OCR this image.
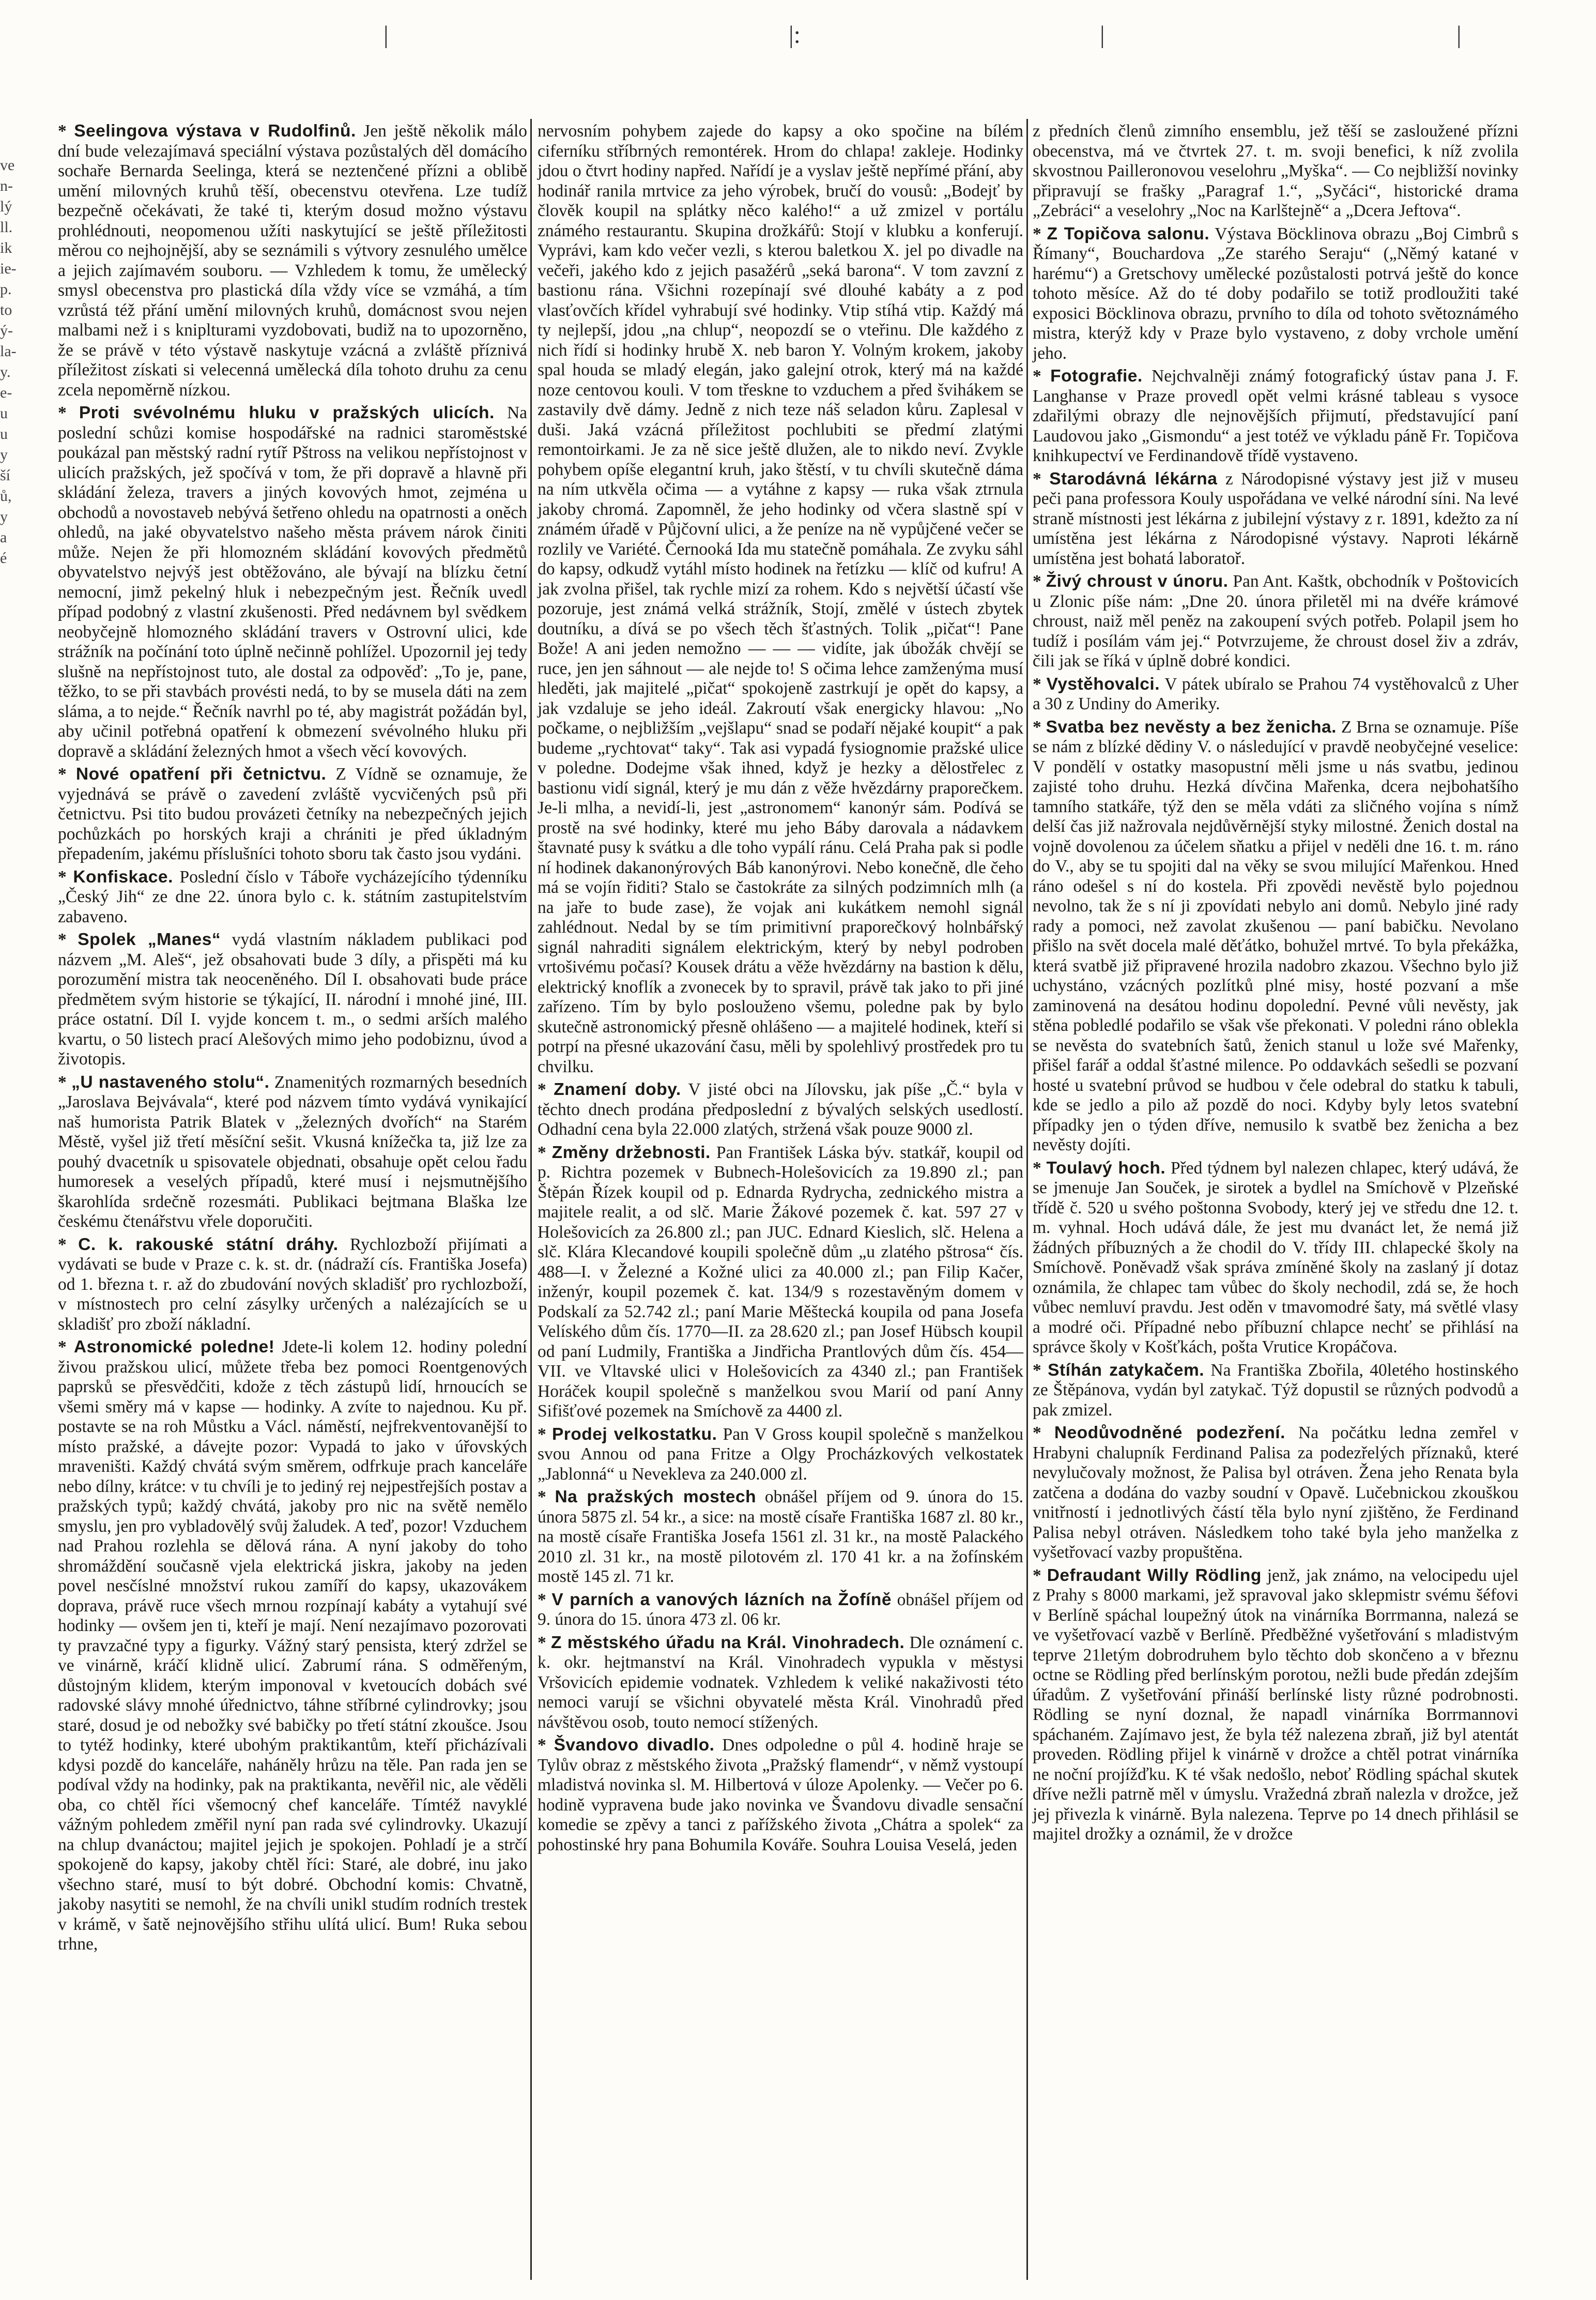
ve
n-
lý
ll.
ik
ie-
p.
to
ý-
la-
y.
e-
u
u
y
ší
ů,
y
a
é
|	|:	|	|

* Seelingova výstava v Rudolfinů. Jen ještě několik málo dní bude velezajímavá speciální výstava pozůstalých děl domácího sochaře Bernarda Seelinga, která se neztenčené přízni a oblibě umění milovných kruhů těší, obecenstvu otevřena. Lze tudíž bezpečně očekávati, že také ti, kterým dosud možno výstavu prohlédnouti, neopomenou užíti naskytující se ještě příležitosti měrou co nejhojnější, aby se seznámili s výtvory zesnulého umělce a jejich zajímavém souboru. — Vzhledem k tomu, že umělecký smysl obecenstva pro plastická díla vždy více se vzmáhá, a tím vzrůstá též přání umění milovných kruhů, domácnost svou nejen malbami než i s kniplturami vyzdobovati, budiž na to upozorněno, že se právě v této výstavě naskytuje vzácná a zvláště příznivá příležitost získati si velecenná umělecká díla tohoto druhu za cenu zcela nepoměrně nízkou.

* Proti svévolnému hluku v pražských ulicích. Na poslední schůzi komise hospodářské na radnici staroměstské poukázal pan městský radní rytíř Pštross na velikou nepřístojnost v ulicích pražských, jež spočívá v tom, že při dopravě a hlavně při skládání železa, travers a jiných kovových hmot, zejména u obchodů a novostaveb nebývá šetřeno ohledu na opatrnosti a oněch ohledů, na jaké obyvatelstvo našeho města právem nárok činiti může. Nejen že při hlomozném skládání kovových předmětů obyvatelstvo nejvýš jest obtěžováno, ale bývají na blízku četní nemocní, jimž pekelný hluk i nebezpečným jest. Řečník uvedl případ podobný z vlastní zkušenosti. Před nedávnem byl svědkem neobyčejně hlomozného skládání travers v Ostrovní ulici, kde strážník na počínání toto úplně nečinně pohlížel. Upozornil jej tedy slušně na nepřístojnost tuto, ale dostal za odpověď: „To je, pane, těžko, to se při stavbách provésti nedá, to by se musela dáti na zem sláma, a to nejde.“ Řečník navrhl po té, aby magistrát požádán byl, aby učinil potřebná opatření k obmezení svévolného hluku při dopravě a skládání železných hmot a všech věcí kovových.

* Nové opatření při četnictvu. Z Vídně se oznamuje, že vyjednává se právě o zavedení zvláště vycvičených psů při četnictvu. Psi tito budou provázeti četníky na nebezpečných jejich pochůzkách po horských kraji a chrániti je před úkladným přepadením, jakému příslušníci tohoto sboru tak často jsou vydáni.

* Konfiskace. Poslední číslo v Táboře vycházejícího týdenníku „Český Jih“ ze dne 22. února bylo c. k. státním zastupitelstvím zabaveno.

* Spolek „Manes“ vydá vlastním nákladem publikaci pod názvem „M. Aleš“, jež obsahovati bude 3 díly, a přispěti má ku porozumění mistra tak neoceněného. Díl I. obsahovati bude práce předmětem svým historie se týkající, II. národní i mnohé jiné, III. práce ostatní. Díl I. vyjde koncem t. m., o sedmi arších malého kvartu, o 50 listech prací Alešových mimo jeho podobiznu, úvod a životopis.

* „U nastaveného stolu“. Znamenitých rozmarných besedních „Jaroslava Bejvávala“, které pod názvem tímto vydává vynikající naš humorista Patrik Blatek v „železných dvořích“ na Starém Městě, vyšel již třetí měsíční sešit. Vkusná knížečka ta, již lze za pouhý dvacetník u spisovatele objednati, obsahuje opět celou řadu humoresek a veselých případů, které musí i nejsmutnějšího škarohlída srdečně rozesmáti. Publikaci bejtmana Blaška lze českému čtenářstvu vřele doporučiti.

* C. k. rakouské státní dráhy. Rychlozboží přijímati a vydávati se bude v Praze c. k. st. dr. (nádraží cís. Františka Josefa) od 1. března t. r. až do zbudování nových skladišť pro rychlozboží, v místnostech pro celní zásylky určených a nalézajících se u skladišť pro zboží nákladní.

* Astronomické poledne! Jdete-li kolem 12. hodiny polední živou pražskou ulicí, můžete třeba bez pomoci Roentgenových paprsků se přesvědčiti, kdože z těch zástupů lidí, hrnoucích se všemi směry má v kapse — hodinky. A zvíte to najednou. Ku př. postavte se na roh Můstku a Václ. náměstí, nejfrekventovanější to místo pražské, a dávejte pozor: Vypadá to jako v úřovských mraveništi. Každý chvátá svým směrem, odfrkuje prach kanceláře nebo dílny, krátce: v tu chvíli je to jediný rej nejpestřejších postav a pražských typů; každý chvátá, jakoby pro nic na světě nemělo smyslu, jen pro vybladovělý svůj žaludek. A teď, pozor! Vzduchem nad Prahou rozlehla se dělová rána. A nyní jakoby do toho shromáždění současně vjela elektrická jiskra, jakoby na jeden povel nesčíslné množství rukou zamíří do kapsy, ukazovákem doprava, právě ruce všech mrnou rozpínají kabáty a vytahují své hodinky — ovšem jen ti, kteří je mají. Není nezajímavo pozorovati ty pravzačné typy a figurky. Vážný starý pensista, který zdržel se ve vinárně, kráčí klidně ulicí. Zabrumí rána. S odměřeným, důstojným klidem, kterým imponoval v kvetoucích dobách své radovské slávy mnohé úřednictvo, táhne stříbrné cylindrovky; jsou staré, dosud je od nebožky své babičky po třetí státní zkoušce. Jsou to tytéž hodinky, které ubohým praktikantům, kteří přicházívali kdysi pozdě do kanceláře, naháněly hrůzu na těle. Pan rada jen se podíval vždy na hodinky, pak na praktikanta, nevěřil nic, ale věděli oba, co chtěl říci všemocný chef kanceláře. Tímtéž navyklé vážným pohledem změřil nyní pan rada své cylindrovky. Ukazují na chlup dvanáctou; majitel jejich je spokojen. Pohladí je a strčí spokojeně do kapsy, jakoby chtěl říci: Staré, ale dobré, inu jako všechno staré, musí to být dobré. Obchodní komis: Chvatně, jakoby nasytiti se nemohl, že na chvíli unikl studím rodních trestek v krámě, v šatě nejnovějšího střihu ulítá ulicí. Bum! Ruka sebou trhne,

nervosním pohybem zajede do kapsy a oko spočine na bílém ciferníku stříbrných remontérek. Hrom do chlapa! zakleje. Hodinky jdou o čtvrt hodiny napřed. Nařídí je a vyslav ještě nepřímé přání, aby hodinář ranila mrtvice za jeho výrobek, bručí do vousů: „Bodejť by člověk koupil na splátky něco kalého!“ a už zmizel v portálu známého restaurantu. Skupina drožkářů: Stojí v klubku a konferují. Vyprávi, kam kdo večer vezli, s kterou baletkou X. jel po divadle na večeři, jakého kdo z jejich pasažérů „seká barona“. V tom zavzní z bastionu rána. Všichni rozepínají své dlouhé kabáty a z pod vlasťovčích křídel vyhrabují své hodinky. Vtip stíhá vtip. Každý má ty nejlepší, jdou „na chlup“, neopozdí se o vteřinu. Dle každého z nich řídí si hodinky hrubě X. neb baron Y. Volným krokem, jakoby spal houda se mladý elegán, jako galejní otrok, který má na každé noze centovou kouli. V tom třeskne to vzduchem a před švihákem se zastavily dvě dámy. Jedně z nich teze náš seladon kůru. Zaplesal v duši. Jaká vzácná příležitost pochlubiti se předmí zlatými remontoirkami. Je za ně sice ještě dlužen, ale to nikdo neví. Zvykle pohybem opíše elegantní kruh, jako štěstí, v tu chvíli skutečně dáma na ním utkvěla očima — a vytáhne z kapsy — ruka však ztrnula jakoby chromá. Zapomněl, že jeho hodinky od včera slastně spí v známém úřadě v Půjčovní ulici, a že peníze na ně vypůjčené večer se rozlily ve Variété. Černooká Ida mu statečně pomáhala. Ze zvyku sáhl do kapsy, odkudž vytáhl místo hodinek na řetízku — klíč od kufru! A jak zvolna přišel, tak rychle mizí za rohem. Kdo s největší účastí vše pozoruje, jest známá velká strážník, Stojí, změlé v ústech zbytek doutníku, a dívá se po všech těch šťastných. Tolik „pičat“! Pane Bože! A ani jeden nemožno — — — vidíte, jak úbožák chvějí se ruce, jen jen sáhnout — ale nejde to! S očima lehce zamženýma musí hleděti, jak majitelé „pičat“ spokojeně zastrkují je opět do kapsy, a jak vzdaluje se jeho ideál. Zakroutí však energicky hlavou: „No počkame, o nejbližším „vejšlapu“ snad se podaří nějaké koupit“ a pak budeme „rychtovat“ taky“. Tak asi vypadá fysiognomie pražské ulice v poledne. Dodejme však ihned, když je hezky a dělostřelec z bastionu vidí signál, který je mu dán z věže hvězdárny praporečkem. Je-li mlha, a nevidí-li, jest „astronomem“ kanonýr sám. Podívá se prostě na své hodinky, které mu jeho Báby darovala a nádavkem štavnaté pusy k svátku a dle toho vypálí ránu. Celá Praha pak si podle ní hodinek dakanonýrových Báb kanonýrovi. Nebo konečně, dle čeho má se vojín řiditi? Stalo se častokráte za silných podzimních mlh (a na jaře to bude zase), že vojak ani kukátkem nemohl signál zahlédnout. Nedal by se tím primitivní praporečkový holnbářský signál nahraditi signálem elektrickým, který by nebyl podroben vrtošivému počasí? Kousek drátu a věže hvězdárny na bastion k dělu, elektrický knoflík a zvonecek by to spravil, právě tak jako to při jiné zařízeno. Tím by bylo poslouženo všemu, poledne pak by bylo skutečně astronomický přesně ohlášeno — a majitelé hodinek, kteří si potrpí na přesné ukazování času, měli by spolehlivý prostředek pro tu chvilku.

* Znamení doby. V jisté obci na Jílovsku, jak píše „Č.“ byla v těchto dnech prodána předposlední z bývalých selských usedlostí. Odhadní cena byla 22.000 zlatých, stržená však pouze 9000 zl.

* Změny držebnosti. Pan František Láska býv. statkář, koupil od p. Richtra pozemek v Bubnech-Holešovicích za 19.890 zl.; pan Štěpán Řízek koupil od p. Ednarda Rydrycha, zednického mistra a majitele realit, a od slč. Marie Žákové pozemek č. kat. 597 27 v Holešovicích za 26.800 zl.; pan JUC. Ednard Kieslich, slč. Helena a slč. Klára Klecandové koupili společně dům „u zlatého pštrosa“ čís. 488—I. v Železné a Kožné ulici za 40.000 zl.; pan Filip Kačer, inženýr, koupil pozemek č. kat. 134/9 s rozestavěným domem v Podskalí za 52.742 zl.; paní Marie Měštecká koupila od pana Josefa Velíského dům čís. 1770—II. za 28.620 zl.; pan Josef Hübsch koupil od paní Ludmily, Františka a Jindřicha Prantlových dům čís. 454—VII. ve Vltavské ulici v Holešovicích za 4340 zl.; pan František Horáček koupil společně s manželkou svou Marií od paní Anny Sifišťové pozemek na Smíchově za 4400 zl.

* Prodej velkostatku. Pan V Gross koupil společně s manželkou svou Annou od pana Fritze a Olgy Procházkových velkostatek „Jablonná“ u Nevekleva za 240.000 zl.

* Na pražských mostech obnášel příjem od 9. února do 15. února 5875 zl. 54 kr., a sice: na mostě císaře Františka 1687 zl. 80 kr., na mostě císaře Františka Josefa 1561 zl. 31 kr., na mostě Palackého 2010 zl. 31 kr., na mostě pilotovém zl. 170 41 kr. a na žofínském mostě 145 zl. 71 kr.

* V parních a vanových lázních na Žofíně obnášel příjem od 9. února do 15. února 473 zl. 06 kr.

* Z městského úřadu na Král. Vinohradech. Dle oznámení c. k. okr. hejtmanství na Král. Vinohradech vypukla v městysi Vršovicích epidemie vodnatek. Vzhledem k veliké nakaživosti této nemoci varují se všichni obyvatelé města Král. Vinohradů před návštěvou osob, touto nemocí stížených.

* Švandovo divadlo. Dnes odpoledne o půl 4. hodině hraje se Tylův obraz z městského života „Pražský flamendr“, v němž vystoupí mladistvá novinka sl. M. Hilbertová v úloze Apolenky. — Večer po 6. hodině vypravena bude jako novinka ve Švandovu divadle sensační komedie se zpěvy a tanci z pařížského života „Chátra a spolek“ za pohostinské hry pana Bohumila Kováře. Souhra Louisa Veselá, jeden

z předních členů zimního ensemblu, jež těší se zasloužené přízni obecenstva, má ve čtvrtek 27. t. m. svoji benefici, k níž zvolila skvostnou Pailleronovou veselohru „Myška“. — Co nejbližší novinky připravují se frašky „Paragraf 1.“, „Syčáci“, historické drama „Zebráci“ a veselohry „Noc na Karlštejně“ a „Dcera Jeftova“.

* Z Topičova salonu. Výstava Böcklinova obrazu „Boj Cimbrů s Římany“, Bouchardova „Ze starého Seraju“ („Němý katané v harému“) a Gretschovy umělecké pozůstalosti potrvá ještě do konce tohoto měsíce. Až do té doby podařilo se totiž prodloužiti také exposici Böcklinova obrazu, prvního to díla od tohoto světoznámého mistra, kterýž kdy v Praze bylo vystaveno, z doby vrchole umění jeho.

* Fotografie. Nejchvalněji známý fotografický ústav pana J. F. Langhanse v Praze provedl opět velmi krásné tableau s vysoce zdařilými obrazy dle nejnovějších přijmutí, představující paní Laudovou jako „Gismondu“ a jest totéž ve výkladu páně Fr. Topičova knihkupectví ve Ferdinandově třídě vystaveno.

* Starodávná lékárna z Národopisné výstavy jest již v museu peči pana professora Kouly uspořádana ve velké národní síni. Na levé straně místnosti jest lékárna z jubilejní výstavy z r. 1891, kdežto za ní umístěna jest lékárna z Národopisné výstavy. Naproti lékárně umístěna jest bohatá laboratoř.

* Živý chroust v únoru. Pan Ant. Kaštk, obchodník v Poštovicích u Zlonic píše nám: „Dne 20. února přiletěl mi na dvéře krámové chroust, naiž měl peněz na zakoupení svých potřeb. Polapil jsem ho tudíž i posílám vám jej.“ Potvrzujeme, že chroust dosel živ a zdráv, čili jak se říká v úplně dobré kondici.

* Vystěhovalci. V pátek ubíralo se Prahou 74 vystěhovalců z Uher a 30 z Undiny do Ameriky.

* Svatba bez nevěsty a bez ženicha. Z Brna se oznamuje. Píše se nám z blízké dědiny V. o následující v pravdě neobyčejné veselice: V pondělí v ostatky masopustní měli jsme u nás svatbu, jedinou zajisté toho druhu. Hezká dívčina Mařenka, dcera nejbohatšího tamního statkáře, týž den se měla vdáti za sličného vojína s nímž delší čas již nažrovala nejdůvěrnější styky milostné. Ženich dostal na vojně dovolenou za účelem sňatku a přijel v neděli dne 16. t. m. ráno do V., aby se tu spojiti dal na věky se svou milující Mařenkou. Hned ráno odešel s ní do kostela. Při zpovědi nevěstě bylo pojednou nevolno, tak že s ní ji zpovídati nebylo ani domů. Nebylo jiné rady rady a pomoci, než zavolat zkušenou — paní babičku. Nevolano přišlo na svět docela malé děťátko, bohužel mrtvé. To byla překážka, která svatbě již připravené hrozila nadobro zkazou. Všechno bylo již uchystáno, vzácných pozlítků plné misy, hosté pozvaní a mše zaminovená na desátou hodinu dopolední. Pevné vůli nevěsty, jak stěna pobledlé podařilo se však vše překonati. V poledni ráno oblekla se nevěsta do svatebních šatů, ženich stanul u lože své Mařenky, přišel farář a oddal šťastné milence. Po oddavkách sešedli se pozvaní hosté u svatební průvod se hudbou v čele odebral do statku k tabuli, kde se jedlo a pilo až pozdě do noci. Kdyby byly letos svatební případky jen o týden dříve, nemusilo k svatbě bez ženicha a bez nevěsty dojíti.

* Toulavý hoch. Před týdnem byl nalezen chlapec, který udává, že se jmenuje Jan Souček, je sirotek a bydlel na Smíchově v Plzeňské třídě č. 520 u svého poštonna Svobody, který jej ve středu dne 12. t. m. vyhnal. Hoch udává dále, že jest mu dvanáct let, že nemá již žádných příbuzných a že chodil do V. třídy III. chlapecké školy na Smíchově. Poněvadž však správa zmíněné školy na zaslaný jí dotaz oznámila, že chlapec tam vůbec do školy nechodil, zdá se, že hoch vůbec nemluví pravdu. Jest oděn v tmavomodré šaty, má světlé vlasy a modré oči. Případné nebo příbuzní chlapce nechť se přihlásí na správce školy v Košťkách, pošta Vrutice Kropáčova.

* Stíhán zatykačem. Na Františka Zbořila, 40letého hostinského ze Štěpánova, vydán byl zatykač. Týž dopustil se různých podvodů a pak zmizel.

* Neodůvodněné podezření. Na počátku ledna zemřel v Hrabyni chalupník Ferdinand Palisa za podezřelých příznaků, které nevylučovaly možnost, že Palisa byl otráven. Žena jeho Renata byla zatčena a dodána do vazby soudní v Opavě. Lučebnickou zkouškou vnitřností i jednotlivých částí těla bylo nyní zjištěno, že Ferdinand Palisa nebyl otráven. Následkem toho také byla jeho manželka z vyšetřovací vazby propuštěna.

* Defraudant Willy Rödling jenž, jak známo, na velocipedu ujel z Prahy s 8000 markami, jež spravoval jako sklepmistr svému šéfovi v Berlíně spáchal loupežný útok na vinárníka Borrmanna, nalezá se ve vyšetřovací vazbě v Berlíně. Předběžné vyšetřování s mladistvým teprve 21letým dobrodruhem bylo těchto dob skončeno a v březnu octne se Rödling před berlínským porotou, nežli bude předán zdejším úřadům. Z vyšetřování přináší berlínské listy různé podrobnosti. Rödling se nyní doznal, že napadl vinárníka Borrmannovi spáchaném. Zajímavo jest, že byla též nalezena zbraň, již byl atentát proveden. Rödling přijel k vinárně v drožce a chtěl potrat vinárníka ne noční projížďku. K té však nedošlo, neboť Rödling spáchal skutek dříve nežli patrně měl v úmyslu. Vražedná zbraň nalezla v drožce, jež jej přivezla k vinárně. Byla nalezena. Teprve po 14 dnech přihlásil se majitel drožky a oznámil, že v drožce
